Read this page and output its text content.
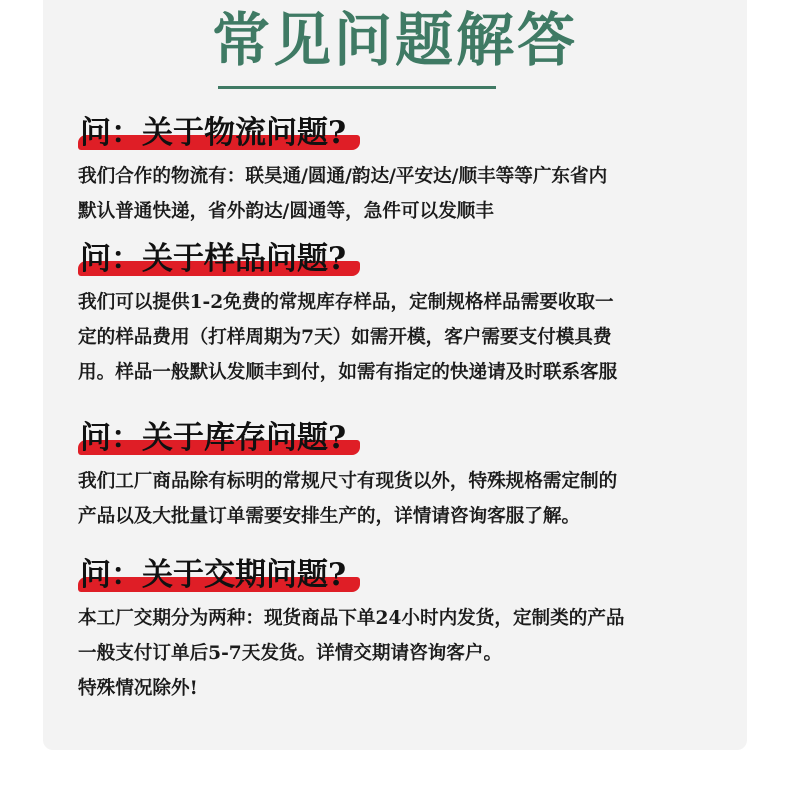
常见问题解答
问：关于物流问题?
我们合作的物流有：联昊通/圆通/韵达/平安达/顺丰等等广东省内
默认普通快递，省外韵达/圆通等，急件可以发顺丰
问：关于样品问题?
我们可以提供1-2免费的常规库存样品，定制规格样品需要收取一
定的样品费用（打样周期为7天）如需开模，客户需要支付模具费
用。样品一般默认发顺丰到付，如需有指定的快递请及时联系客服
问：关于库存问题?
我们工厂商品除有标明的常规尺寸有现货以外，特殊规格需定制的
产品以及大批量订单需要安排生产的，详情请咨询客服了解。
问：关于交期问题?
本工厂交期分为两种：现货商品下单24小时内发货，定制类的产品
一般支付订单后5-7天发货。详情交期请咨询客户。
特殊情况除外!
